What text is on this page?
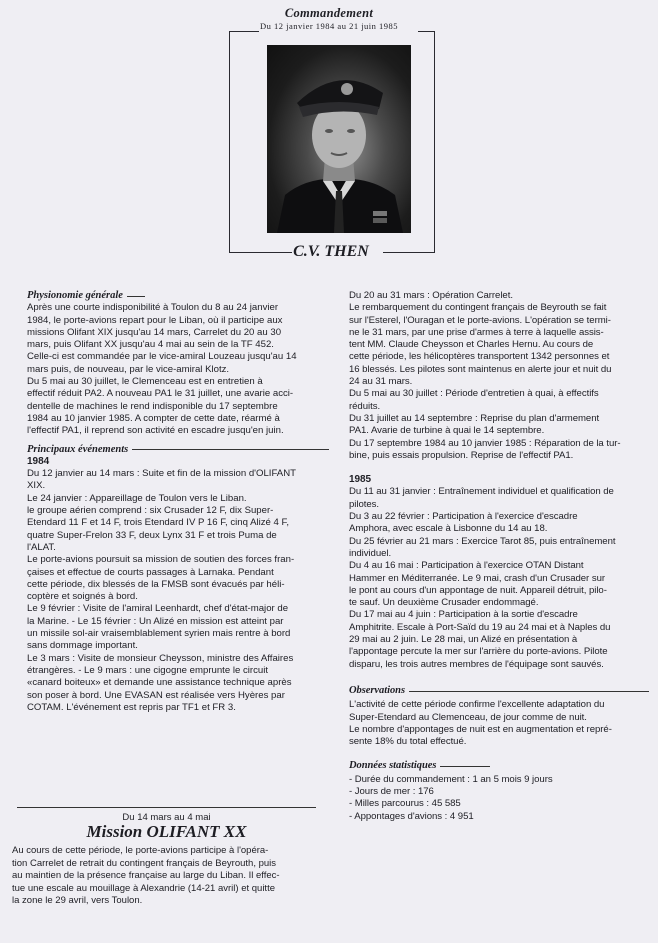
Commandement
Du 12 janvier 1984 au 21 juin 1985
C.V. THEN
Physionomie générale

Après une courte indisponibilité à Toulon du 8 au 24 janvier

1984, le porte-avions repart pour le Liban, où il participe aux

missions Olifant XIX jusqu'au 14 mars, Carrelet du 20 au 30

mars, puis Olifant XX jusqu'au 4 mai au sein de la TF 452.

Celle-ci est commandée par le vice-amiral Louzeau jusqu'au 14

mars puis, de nouveau, par le vice-amiral Klotz.

Du 5 mai au 30 juillet, le Clemenceau est en entretien à

effectif réduit PA2. A nouveau PA1 le 31 juillet, une avarie acci-

dentelle de machines le rend indisponible du 17 septembre

1984 au 10 janvier 1985. A compter de cette date, réarmé à

l'effectif PA1, il reprend son activité en escadre jusqu'en juin.

Principaux événements
1984

Du 12 janvier au 14 mars : Suite et fin de la mission d'OLIFANT

XIX.

Le 24 janvier : Appareillage de Toulon vers le Liban.

le groupe aérien comprend : six Crusader 12 F, dix Super-

Etendard 11 F et 14 F, trois Etendard IV P 16 F, cinq Alizé 4 F,

quatre Super-Frelon 33 F, deux Lynx 31 F et trois Puma de

l'ALAT.

Le porte-avions poursuit sa mission de soutien des forces fran-

çaises et effectue de courts passages à Larnaka. Pendant

cette période, dix blessés de la FMSB sont évacués par héli-

coptère et soignés à bord.

Le 9 février : Visite de l'amiral Leenhardt, chef d'état-major de

la Marine. - Le 15 février : Un Alizé en mission est atteint par

un missile sol-air vraisemblablement syrien mais rentre à bord

sans dommage important.

Le 3 mars : Visite de monsieur Cheysson, ministre des Affaires

étrangères. - Le 9 mars : une cigogne emprunte le circuit

«canard boiteux» et demande une assistance technique après

son poser à bord. Une EVASAN est réalisée vers Hyères par

COTAM. L'événement est repris par TF1 et FR 3.

Du 14 mars au 4 mai
Mission OLIFANT XX

Au cours de cette période, le porte-avions participe à l'opéra-

tion Carrelet de retrait du contingent français de Beyrouth, puis

au maintien de la présence française au large du Liban. Il effec-

tue une escale au mouillage à Alexandrie (14-21 avril) et quitte

la zone le 29 avril, vers Toulon.

Du 20 au 31 mars : Opération Carrelet.

Le rembarquement du contingent français de Beyrouth se fait

sur l'Esterel, l'Ouragan et le porte-avions. L'opération se termi-

ne le 31 mars, par une prise d'armes à terre à laquelle assis-

tent MM. Claude Cheysson et Charles Hernu. Au cours de

cette période, les hélicoptères transportent 1342 personnes et

16 blessés. Les pilotes sont maintenus en alerte jour et nuit du

24 au 31 mars.

Du 5 mai au 30 juillet : Période d'entretien à quai, à effectifs

réduits.

Du 31 juillet au 14 septembre : Reprise du plan d'armement

PA1. Avarie de turbine à quai le 14 septembre.

Du 17 septembre 1984 au 10 janvier 1985 : Réparation de la tur-

bine, puis essais propulsion. Reprise de l'effectif PA1.

1985

Du 11 au 31 janvier : Entraînement individuel et qualification de

pilotes.

Du 3 au 22 février : Participation à l'exercice d'escadre

Amphora, avec escale à Lisbonne du 14 au 18.

Du 25 février au 21 mars : Exercice Tarot 85, puis entraînement

individuel.

Du 4 au 16 mai : Participation à l'exercice OTAN Distant

Hammer en Méditerranée. Le 9 mai, crash d'un Crusader sur

le pont au cours d'un appontage de nuit. Appareil détruit, pilo-

te sauf. Un deuxième Crusader endommagé.

Du 17 mai au 4 juin : Participation à la sortie d'escadre

Amphitrite. Escale à Port-Saïd du 19 au 24 mai et à Naples du

29 mai au 2 juin. Le 28 mai, un Alizé en présentation à

l'appontage percute la mer sur l'arrière du porte-avions. Pilote

disparu, les trois autres membres de l'équipage sont sauvés.

Observations

L'activité de cette période confirme l'excellente adaptation du

Super-Etendard au Clemenceau, de jour comme de nuit.

Le nombre d'appontages de nuit est en augmentation et repré-

sente 18% du total effectué.

Données statistiques

- Durée du commandement : 1 an 5 mois 9 jours

- Jours de mer : 176

- Milles parcourus : 45 585

- Appontages d'avions : 4 951
